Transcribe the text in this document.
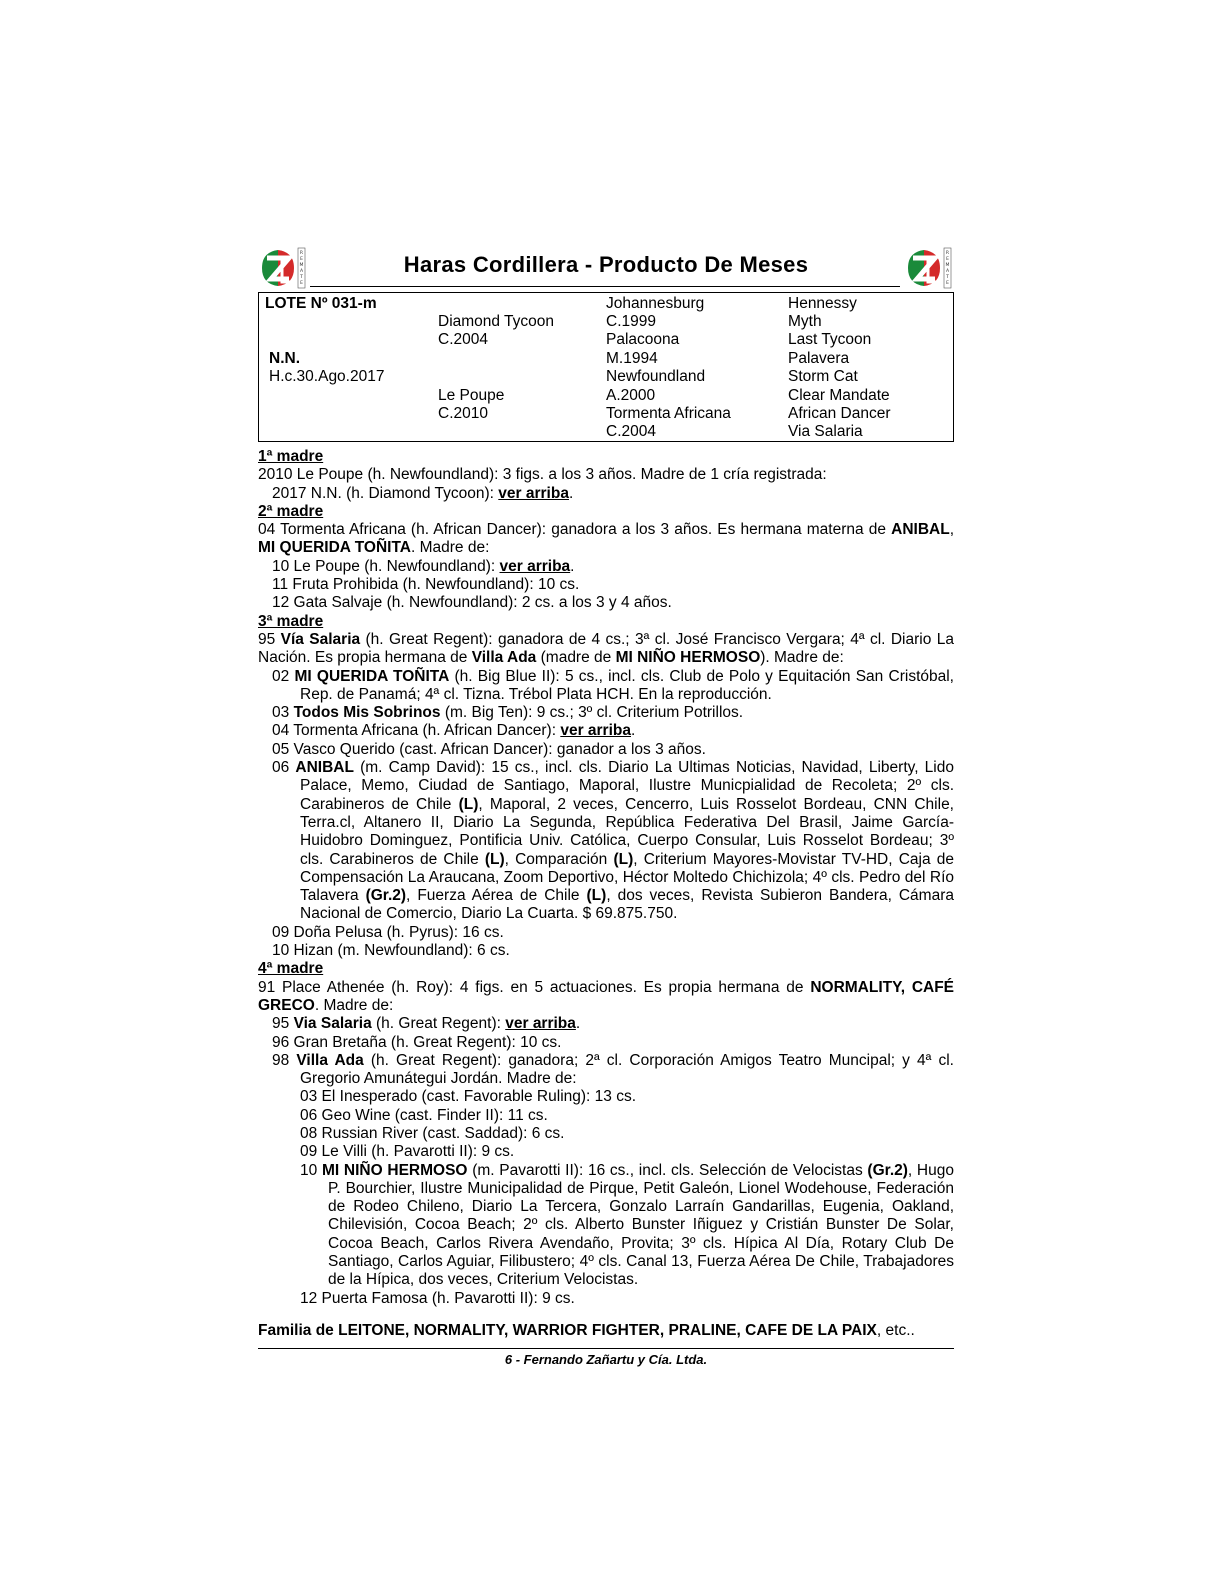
R
E
M
A
T
E
Haras Cordillera - Producto De Meses	R
E
M
A
T
E
LOTE Nº 031-m
N.N.
H.c.30.Ago.2017
Diamond Tycoon
C.2004
Le Poupe
C.2010
Johannesburg
C.1999
Palacoona
M.1994
Newfoundland
A.2000
Tormenta Africana
C.2004
Hennessy
Myth
Last Tycoon
Palavera
Storm Cat
Clear Mandate
African Dancer
Via Salaria

1ª madre

2010 Le Poupe (h. Newfoundland): 3 figs. a los 3 años. Madre de 1 cría registrada:

2017 N.N. (h. Diamond Tycoon): ver arriba.

2ª madre

04 Tormenta Africana (h. African Dancer): ganadora a los 3 años. Es hermana materna de ANIBAL, MI QUERIDA TOÑITA. Madre de:

10 Le Poupe (h. Newfoundland): ver arriba.

11 Fruta Prohibida (h. Newfoundland): 10 cs.

12 Gata Salvaje (h. Newfoundland): 2 cs. a los 3 y 4 años.

3ª madre

95 Vía Salaria (h. Great Regent): ganadora de 4 cs.; 3ª cl. José Francisco Vergara; 4ª cl. Diario La Nación. Es propia hermana de Villa Ada (madre de MI NIÑO HERMOSO). Madre de:

02 MI QUERIDA TOÑITA (h. Big Blue II): 5 cs., incl. cls. Club de Polo y Equitación San Cristóbal, Rep. de Panamá; 4ª cl. Tizna. Trébol Plata HCH. En la reproducción.

03 Todos Mis Sobrinos (m. Big Ten): 9 cs.; 3º cl. Criterium Potrillos.

04 Tormenta Africana (h. African Dancer): ver arriba.

05 Vasco Querido (cast. African Dancer): ganador a los 3 años.

06 ANIBAL (m. Camp David): 15 cs., incl. cls. Diario La Ultimas Noticias, Navidad, Liberty, Lido Palace, Memo, Ciudad de Santiago, Maporal, Ilustre Municpialidad de Recoleta; 2º cls. Carabineros de Chile (L), Maporal, 2 veces, Cencerro, Luis Rosselot Bordeau, CNN Chile, Terra.cl, Altanero II, Diario La Segunda, República Federativa Del Brasil, Jaime García-Huidobro Dominguez, Pontificia Univ. Católica, Cuerpo Consular, Luis Rosselot Bordeau; 3º cls. Carabineros de Chile (L), Comparación (L), Criterium Mayores-Movistar TV-HD, Caja de Compensación La Araucana, Zoom Deportivo, Héctor Moltedo Chichizola; 4º cls. Pedro del Río Talavera (Gr.2), Fuerza Aérea de Chile (L), dos veces, Revista Subieron Bandera, Cámara Nacional de Comercio, Diario La Cuarta. $ 69.875.750.

09 Doña Pelusa (h. Pyrus): 16 cs.

10 Hizan (m. Newfoundland): 6 cs.

4ª madre

91 Place Athenée (h. Roy): 4 figs. en 5 actuaciones. Es propia hermana de NORMALITY, CAFÉ GRECO. Madre de:

95 Via Salaria (h. Great Regent): ver arriba.

96 Gran Bretaña (h. Great Regent): 10 cs.

98 Villa Ada (h. Great Regent): ganadora; 2ª cl. Corporación Amigos Teatro Muncipal; y 4ª cl. Gregorio Amunátegui Jordán. Madre de:

03 El Inesperado (cast. Favorable Ruling): 13 cs.

06 Geo Wine (cast. Finder II): 11 cs.

08 Russian River (cast. Saddad): 6 cs.

09 Le Villi (h. Pavarotti II): 9 cs.

10 MI NIÑO HERMOSO (m. Pavarotti II): 16 cs., incl. cls. Selección de Velocistas (Gr.2), Hugo P. Bourchier, Ilustre Municipalidad de Pirque, Petit Galeón, Lionel Wodehouse, Federación de Rodeo Chileno, Diario La Tercera, Gonzalo Larraín Gandarillas, Eugenia, Oakland, Chilevisión, Cocoa Beach; 2º cls. Alberto Bunster Iñiguez y Cristián Bunster De Solar, Cocoa Beach, Carlos Rivera Avendaño, Provita; 3º cls. Hípica Al Día, Rotary Club De Santiago, Carlos Aguiar, Filibustero; 4º cls. Canal 13, Fuerza Aérea De Chile, Trabajadores de la Hípica, dos veces, Criterium Velocistas.

12 Puerta Famosa (h. Pavarotti II): 9 cs.

Familia de LEITONE, NORMALITY, WARRIOR FIGHTER, PRALINE, CAFE DE LA PAIX, etc..
6 - Fernando Zañartu y Cía. Ltda.
